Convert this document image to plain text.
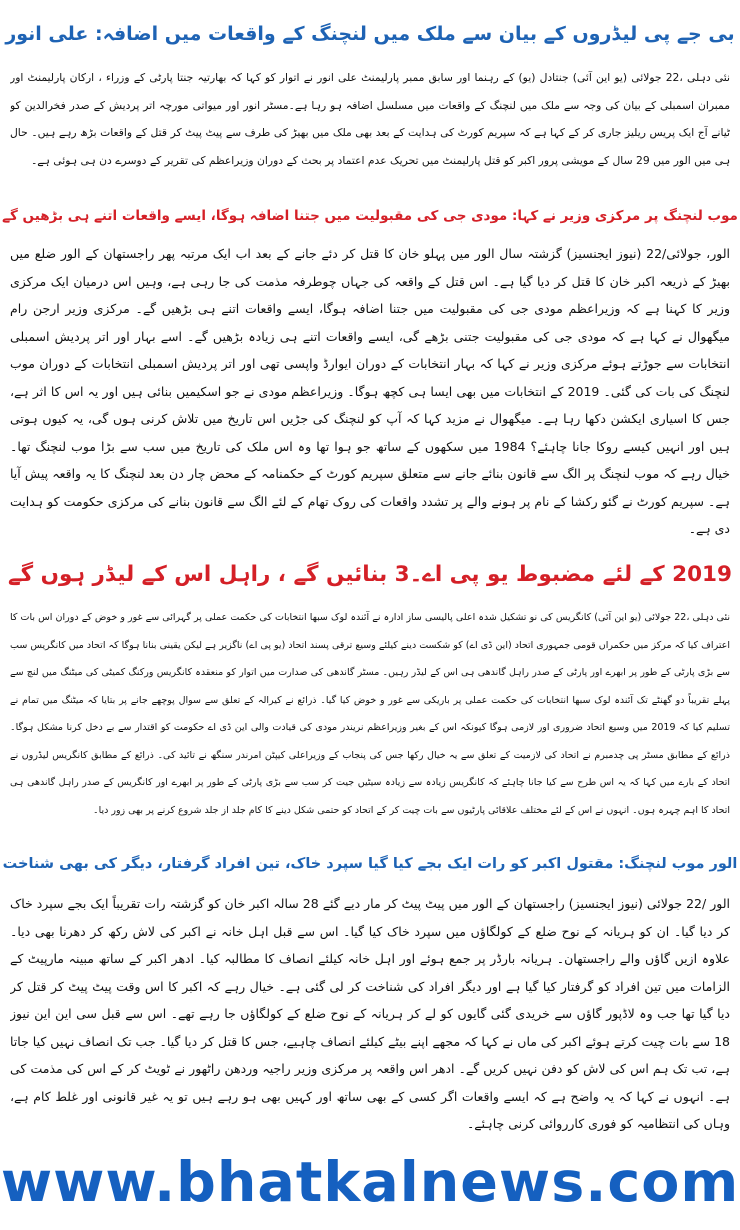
بی جے پی لیڈروں کے بیان سے ملک میں لنچنگ کے واقعات میں اضافہ: علی انور

نئی دہلی ،22 جولائی (یو این آئی) جنتادل (یو) کے رہنما اور سابق ممبر پارلیمنٹ علی انور نے اتوار کو کہا کہ بھارتیہ جنتا پارٹی کے وزراء ، ارکان پارلیمنٹ اور ممبران اسمبلی کے بیان کی وجہ سے ملک میں لنچنگ کے واقعات میں مسلسل اضافہ ہو رہا ہے۔مسٹر انور اور میواتی مورچہ اتر پردیش کے صدر فخرالدین کو ٹیانے آج ایک پریس ریلیز جاری کر کے کہا ہے کہ سپریم کورٹ کی ہدایت کے بعد بھی ملک میں بھیڑ کی طرف سے پیٹ پیٹ کر قتل کے واقعات بڑھ رہے ہیں۔ حال ہی میں الور میں 29 سال کے مویشی پرور اکبر کو قتل پارلیمنٹ میں تحریک عدم اعتماد پر بحث کے دوران وزیراعظم کی تقریر کے دوسرے دن ہی ہوئی ہے۔

موب لنچنگ پر مرکزی وزیر نے کہا: مودی جی کی مقبولیت میں جتنا اضافہ ہوگا، ایسے واقعات اتنے ہی بڑھیں گے

الور، جولائی/22 (نیوز ایجنسیز) گزشتہ سال الور میں پہلو خان کا قتل کر دئے جانے کے بعد اب ایک مرتبہ پھر راجستھان کے الور ضلع میں بھیڑ کے ذریعہ اکبر خان کا قتل کر دیا گیا ہے۔ اس قتل کے واقعہ کی جہاں چوطرفہ مذمت کی جا رہی ہے، وہیں اس درمیان ایک مرکزی وزیر کا کہنا ہے کہ وزیراعظم مودی جی کی مقبولیت میں جتنا اضافہ ہوگا، ایسے واقعات اتنے ہی بڑھیں گے۔ مرکزی وزیر ارجن رام میگھوال نے کہا ہے کہ مودی جی کی مقبولیت جتنی بڑھے گی، ایسے واقعات اتنے ہی زیادہ بڑھیں گے۔ اسے بہار اور اتر پردیش اسمبلی انتخابات سے جوڑتے ہوئے مرکزی وزیر نے کہا کہ بہار انتخابات کے دوران ایوارڈ واپسی تھی اور اتر پردیش اسمبلی انتخابات کے دوران موب لنچنگ کی بات کی گئی۔ 2019 کے انتخابات میں بھی ایسا ہی کچھ ہوگا۔ وزیراعظم مودی نے جو اسکیمیں بنائی ہیں اور یہ اس کا اثر ہے، جس کا اسیاری ایکشن دکھا رہا ہے۔ میگھوال نے مزید کہا کہ آپ کو لنچنگ کی جڑیں اس تاریخ میں تلاش کرنی ہوں گی، یہ کیوں ہوتی ہیں اور انہیں کیسے روکا جانا چاہئے؟ 1984 میں سکھوں کے ساتھ جو ہوا تھا وہ اس ملک کی تاریخ میں سب سے بڑا موب لنچنگ تھا۔ خیال رہے کہ موب لنچنگ پر الگ سے قانون بنائے جانے سے متعلق سپریم کورٹ کے حکمنامہ کے محض چار دن بعد لنچنگ کا یہ واقعہ پیش آیا ہے۔ سپریم کورٹ نے گئو رکشا کے نام پر ہونے والے پر تشدد واقعات کی روک تھام کے لئے الگ سے قانون بنانے کی مرکزی حکومت کو ہدایت دی ہے۔

2019 کے لئے مضبوط یو پی اے۔3 بنائیں گے ، راہل اس کے لیڈر ہوں گے

نئی دہلی ،22 جولائی (یو این آئی) کانگریس کی نو تشکیل شدہ اعلی پالیسی ساز ادارہ نے آئندہ لوک سبھا انتخابات کی حکمت عملی پر گہرائی سے غور و خوض کے دوران اس بات کا اعتراف کیا کہ مرکز میں حکمراں قومی جمہوری اتحاد (این ڈی اے) کو شکست دینے کیلئے وسیع ترقی پسند اتحاد (یو پی اے) ناگزیر ہے لیکن یقینی بنانا ہوگا کہ اتحاد میں کانگریس سب سے بڑی پارٹی کے طور پر ابھرے اور پارٹی کے صدر راہل گاندھی ہی اس کے لیڈر رہیں۔ مسٹر گاندھی کی صدارت میں اتوار کو منعقدہ کانگریس ورکنگ کمیٹی کی میٹنگ میں لنچ سے پہلے تقریباً دو گھنٹے تک آئندہ لوک سبھا انتخابات کی حکمت عملی پر باریکی سے غور و خوض کیا گیا۔ ذرائع نے کیرالہ کے تعلق سے سوال پوچھے جانے پر بتایا کہ میٹنگ میں تمام نے تسلیم کیا کہ 2019 میں وسیع اتحاد ضروری اور لازمی ہوگا کیونکہ اس کے بغیر وزیراعظم نریندر مودی کی قیادت والی این ڈی اے حکومت کو اقتدار سے بے دخل کرنا مشکل ہوگا۔ ذرائع کے مطابق مسٹر پی چدمبرم نے اتحاد کی لازمیت کے تعلق سے یہ خیال رکھا جس کی پنجاب کے وزیراعلی کیپٹن امرندر سنگھ نے تائید کی۔ ذرائع کے مطابق کانگریس لیڈروں نے اتحاد کے بارے میں کہا کہ یہ اس طرح سے کیا جانا چاہئے کہ کانگریس زیادہ سے زیادہ سیٹیں جیت کر سب سے بڑی پارٹی کے طور پر ابھرے اور کانگریس کے صدر راہل گاندھی ہی اتحاد کا اہم چہرہ ہوں۔ انہوں نے اس کے لئے مختلف علاقائی پارٹیوں سے بات چیت کر کے اتحاد کو حتمی شکل دینے کا کام جلد از جلد شروع کرنے پر بھی زور دیا۔

الور موب لنچنگ: مقتول اکبر کو رات ایک بجے کیا گیا سپرد خاک، تین افراد گرفتار، دیگر کی بھی شناخت

الور /22 جولائی (نیوز ایجنسیز) راجستھان کے الور میں پیٹ پیٹ کر مار دیے گئے 28 سالہ اکبر خان کو گزشتہ رات تقریباً ایک بجے سپرد خاک کر دیا گیا۔ ان کو ہریانہ کے نوح ضلع کے کولگاؤں میں سپرد خاک کیا گیا۔ اس سے قبل اہل خانہ نے اکبر کی لاش رکھ کر دھرنا بھی دیا۔ علاوہ ازیں گاؤں والے راجستھان۔ ہریانہ بارڈر پر جمع ہوئے اور اہل خانہ کیلئے انصاف کا مطالبہ کیا۔ ادھر اکبر کے ساتھ مبینہ مارپیٹ کے الزامات میں تین افراد کو گرفتار کیا گیا ہے اور دیگر افراد کی شناخت کر لی گئی ہے۔ خیال رہے کہ اکبر کا اس وقت پیٹ پیٹ کر قتل کر دیا گیا تھا جب وہ لاڈپور گاؤں سے خریدی گئی گایوں کو لے کر ہریانہ کے نوح ضلع کے کولگاؤں جا رہے تھے۔ اس سے قبل سی این این نیوز 18 سے بات چیت کرتے ہوئے اکبر کی ماں نے کہا کہ مجھے اپنے بیٹے کیلئے انصاف چاہیے، جس کا قتل کر دیا گیا۔ جب تک انصاف نہیں کیا جاتا ہے، تب تک ہم اس کی لاش کو دفن نہیں کریں گے۔ ادھر اس واقعہ پر مرکزی وزیر راجیہ وردھن راٹھور نے ٹویٹ کر کے اس کی مذمت کی ہے۔ انہوں نے کہا کہ یہ واضح ہے کہ ایسے واقعات اگر کسی کے بھی ساتھ اور کہیں بھی ہو رہے ہیں تو یہ غیر قانونی اور غلط کام ہے، وہاں کی انتظامیہ کو فوری کارروائی کرنی چاہئے۔

www.bhatkalnews.com
